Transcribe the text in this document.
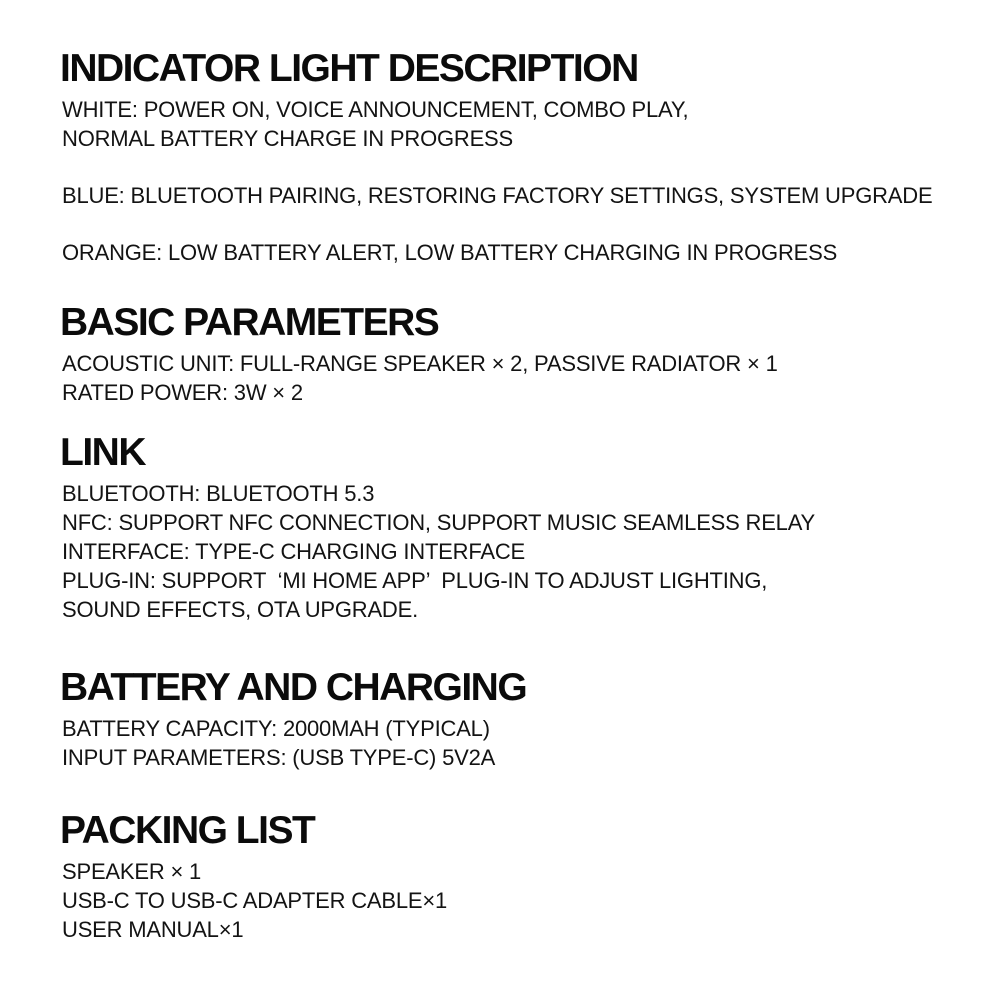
INDICATOR LIGHT DESCRIPTION

WHITE: POWER ON, VOICE ANNOUNCEMENT, COMBO PLAY,
NORMAL BATTERY CHARGE IN PROGRESS

BLUE: BLUETOOTH PAIRING, RESTORING FACTORY SETTINGS, SYSTEM UPGRADE

ORANGE: LOW BATTERY ALERT, LOW BATTERY CHARGING IN PROGRESS

BASIC PARAMETERS

ACOUSTIC UNIT: FULL-RANGE SPEAKER × 2, PASSIVE RADIATOR × 1
RATED POWER: 3W × 2

LINK

BLUETOOTH: BLUETOOTH 5.3
NFC: SUPPORT NFC CONNECTION, SUPPORT MUSIC SEAMLESS RELAY
INTERFACE: TYPE-C CHARGING INTERFACE
PLUG-IN: SUPPORT  ‘MI HOME APP’  PLUG-IN TO ADJUST LIGHTING,
SOUND EFFECTS, OTA UPGRADE.

BATTERY AND CHARGING

BATTERY CAPACITY: 2000MAH (TYPICAL)
INPUT PARAMETERS: (USB TYPE-C) 5V2A

PACKING LIST

SPEAKER × 1
USB-C TO USB-C ADAPTER CABLE×1
USER MANUAL×1
